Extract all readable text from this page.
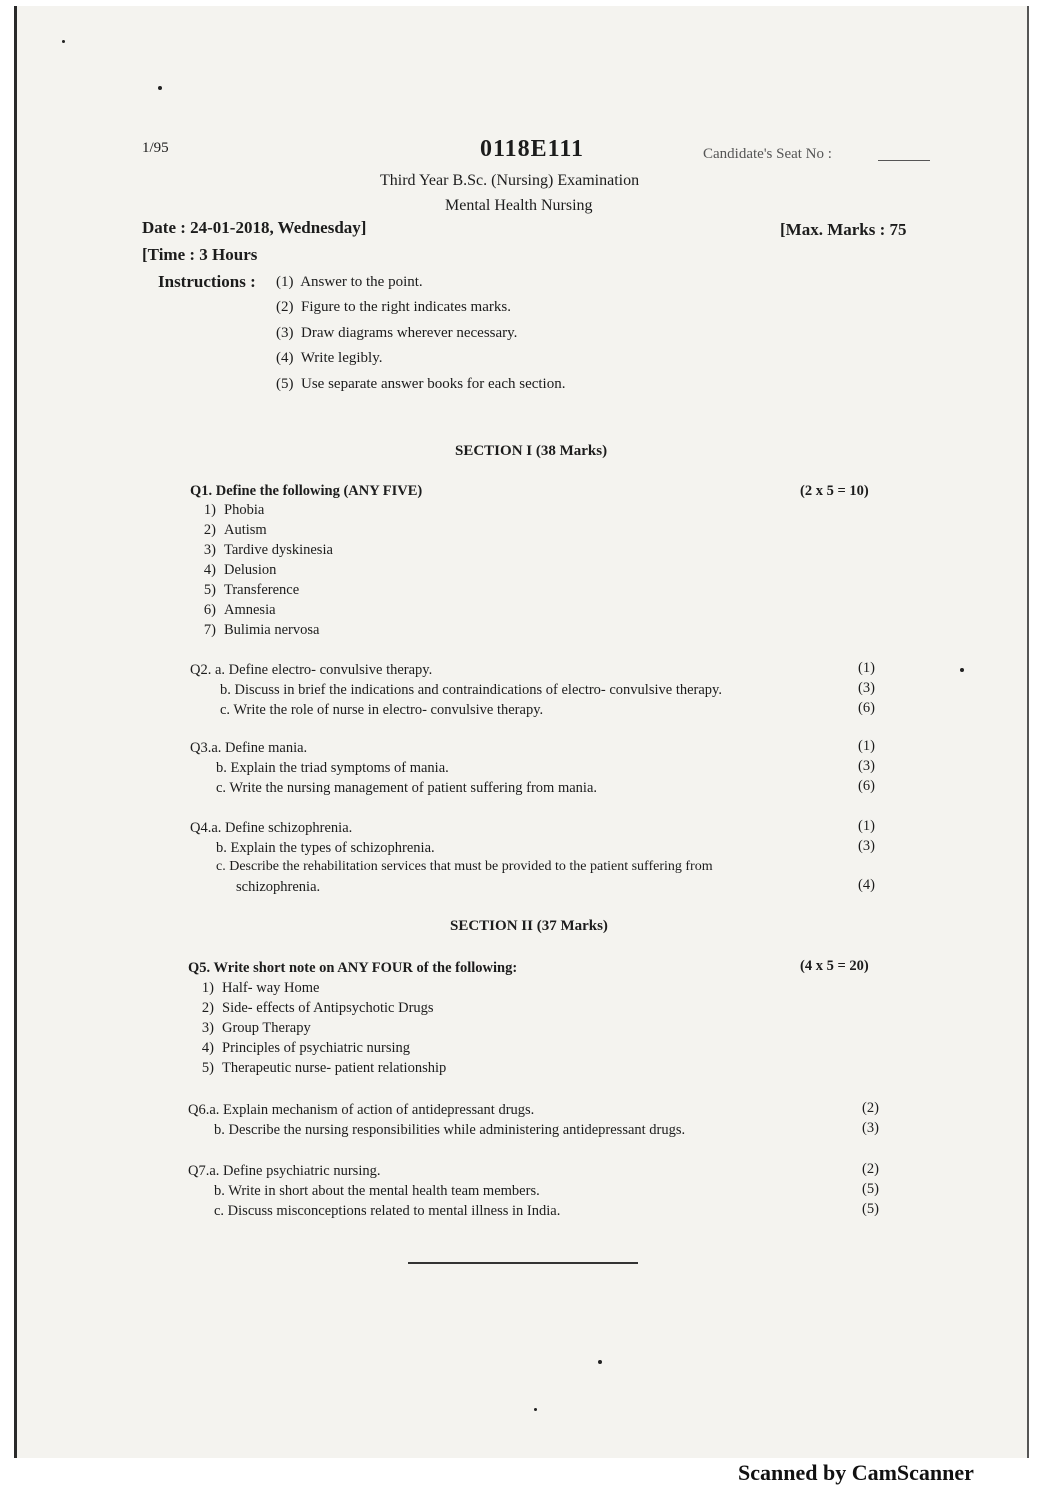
1/95	0118E111	Candidate's Seat No :
Third Year B.Sc. (Nursing) Examination
Mental Health Nursing
Date : 24-01-2018, Wednesday]	[Max. Marks : 75
[Time : 3 Hours
Instructions : (1) Answer to the point.
(2) Figure to the right indicates marks.
(3) Draw diagrams wherever necessary.
(4) Write legibly.
(5) Use separate answer books for each section.
SECTION I (38 Marks)
Q1. Define the following (ANY FIVE)	(2 x 5 = 10)
1) Phobia
2) Autism
3) Tardive dyskinesia
4) Delusion
5) Transference
6) Amnesia
7) Bulimia nervosa
Q2. a. Define electro- convulsive therapy.	(1)
b. Discuss in brief the indications and contraindications of electro- convulsive therapy.	(3)
c. Write the role of nurse in electro- convulsive therapy.	(6)
Q3.a. Define mania.	(1)
b. Explain the triad symptoms of mania.	(3)
c. Write the nursing management of patient suffering from mania.	(6)
Q4.a. Define schizophrenia.	(1)
b. Explain the types of schizophrenia.	(3)
c. Describe the rehabilitation services that must be provided to the patient suffering from
schizophrenia.	(4)
SECTION II (37 Marks)
Q5. Write short note on ANY FOUR of the following:	(4 x 5 = 20)
1) Half- way Home
2) Side- effects of Antipsychotic Drugs
3) Group Therapy
4) Principles of psychiatric nursing
5) Therapeutic nurse- patient relationship
Q6.a. Explain mechanism of action of antidepressant drugs.	(2)
b. Describe the nursing responsibilities while administering antidepressant drugs.	(3)
Q7.a. Define psychiatric nursing.	(2)
b. Write in short about the mental health team members.	(5)
c. Discuss misconceptions related to mental illness in India.	(5)
Scanned by CamScanner
